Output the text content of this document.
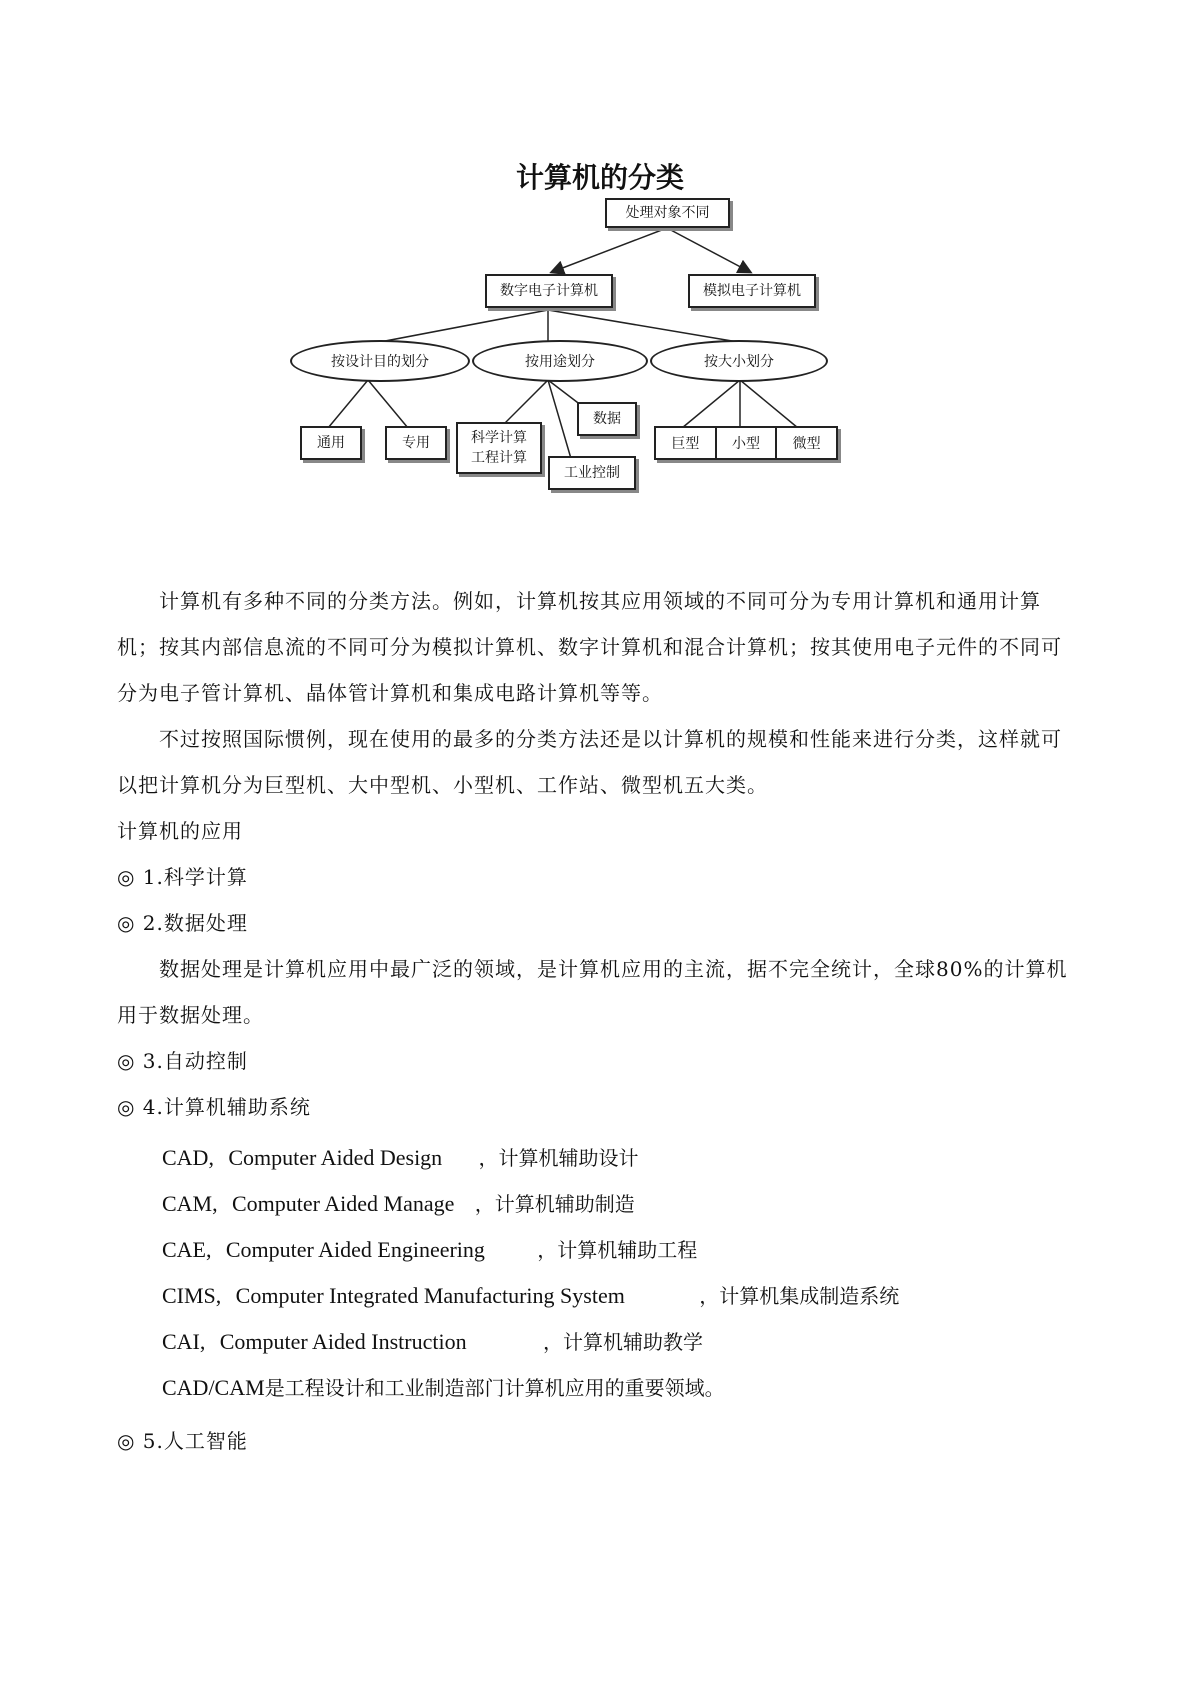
计算机的分类
处理对象不同
数字电子计算机	模拟电子计算机
按设计目的划分	按用途划分	按大小划分
通用	专用	科学计算
工程计算
数据
工业控制
巨型	小型	微型
计算机有多种不同的分类方法。例如，计算机按其应用领域的不同可分为专用计算机和通用计算机；按其内部信息流的不同可分为模拟计算机、数字计算机和混合计算机；按其使用电子元件的不同可分为电子管计算机、晶体管计算机和集成电路计算机等等。
不过按照国际惯例，现在使用的最多的分类方法还是以计算机的规模和性能来进行分类，这样就可以把计算机分为巨型机、大中型机、小型机、工作站、微型机五大类。
计算机的应用
◎ 1.科学计算
◎ 2.数据处理
数据处理是计算机应用中最广泛的领域，是计算机应用的主流，据不完全统计，全球80%的计算机用于数据处理。
◎ 3.自动控制
◎ 4.计算机辅助系统
CAD, Computer Aided Design ，计算机辅助设计
CAM, Computer Aided Manage ，计算机辅助制造
CAE, Computer Aided Engineering	，计算机辅助工程
CIMS, Computer Integrated Manufacturing System	，计算机集成制造系统
CAI, Computer Aided Instruction	，计算机辅助教学
CAD/CAM是工程设计和工业制造部门计算机应用的重要领域。
◎ 5.人工智能
